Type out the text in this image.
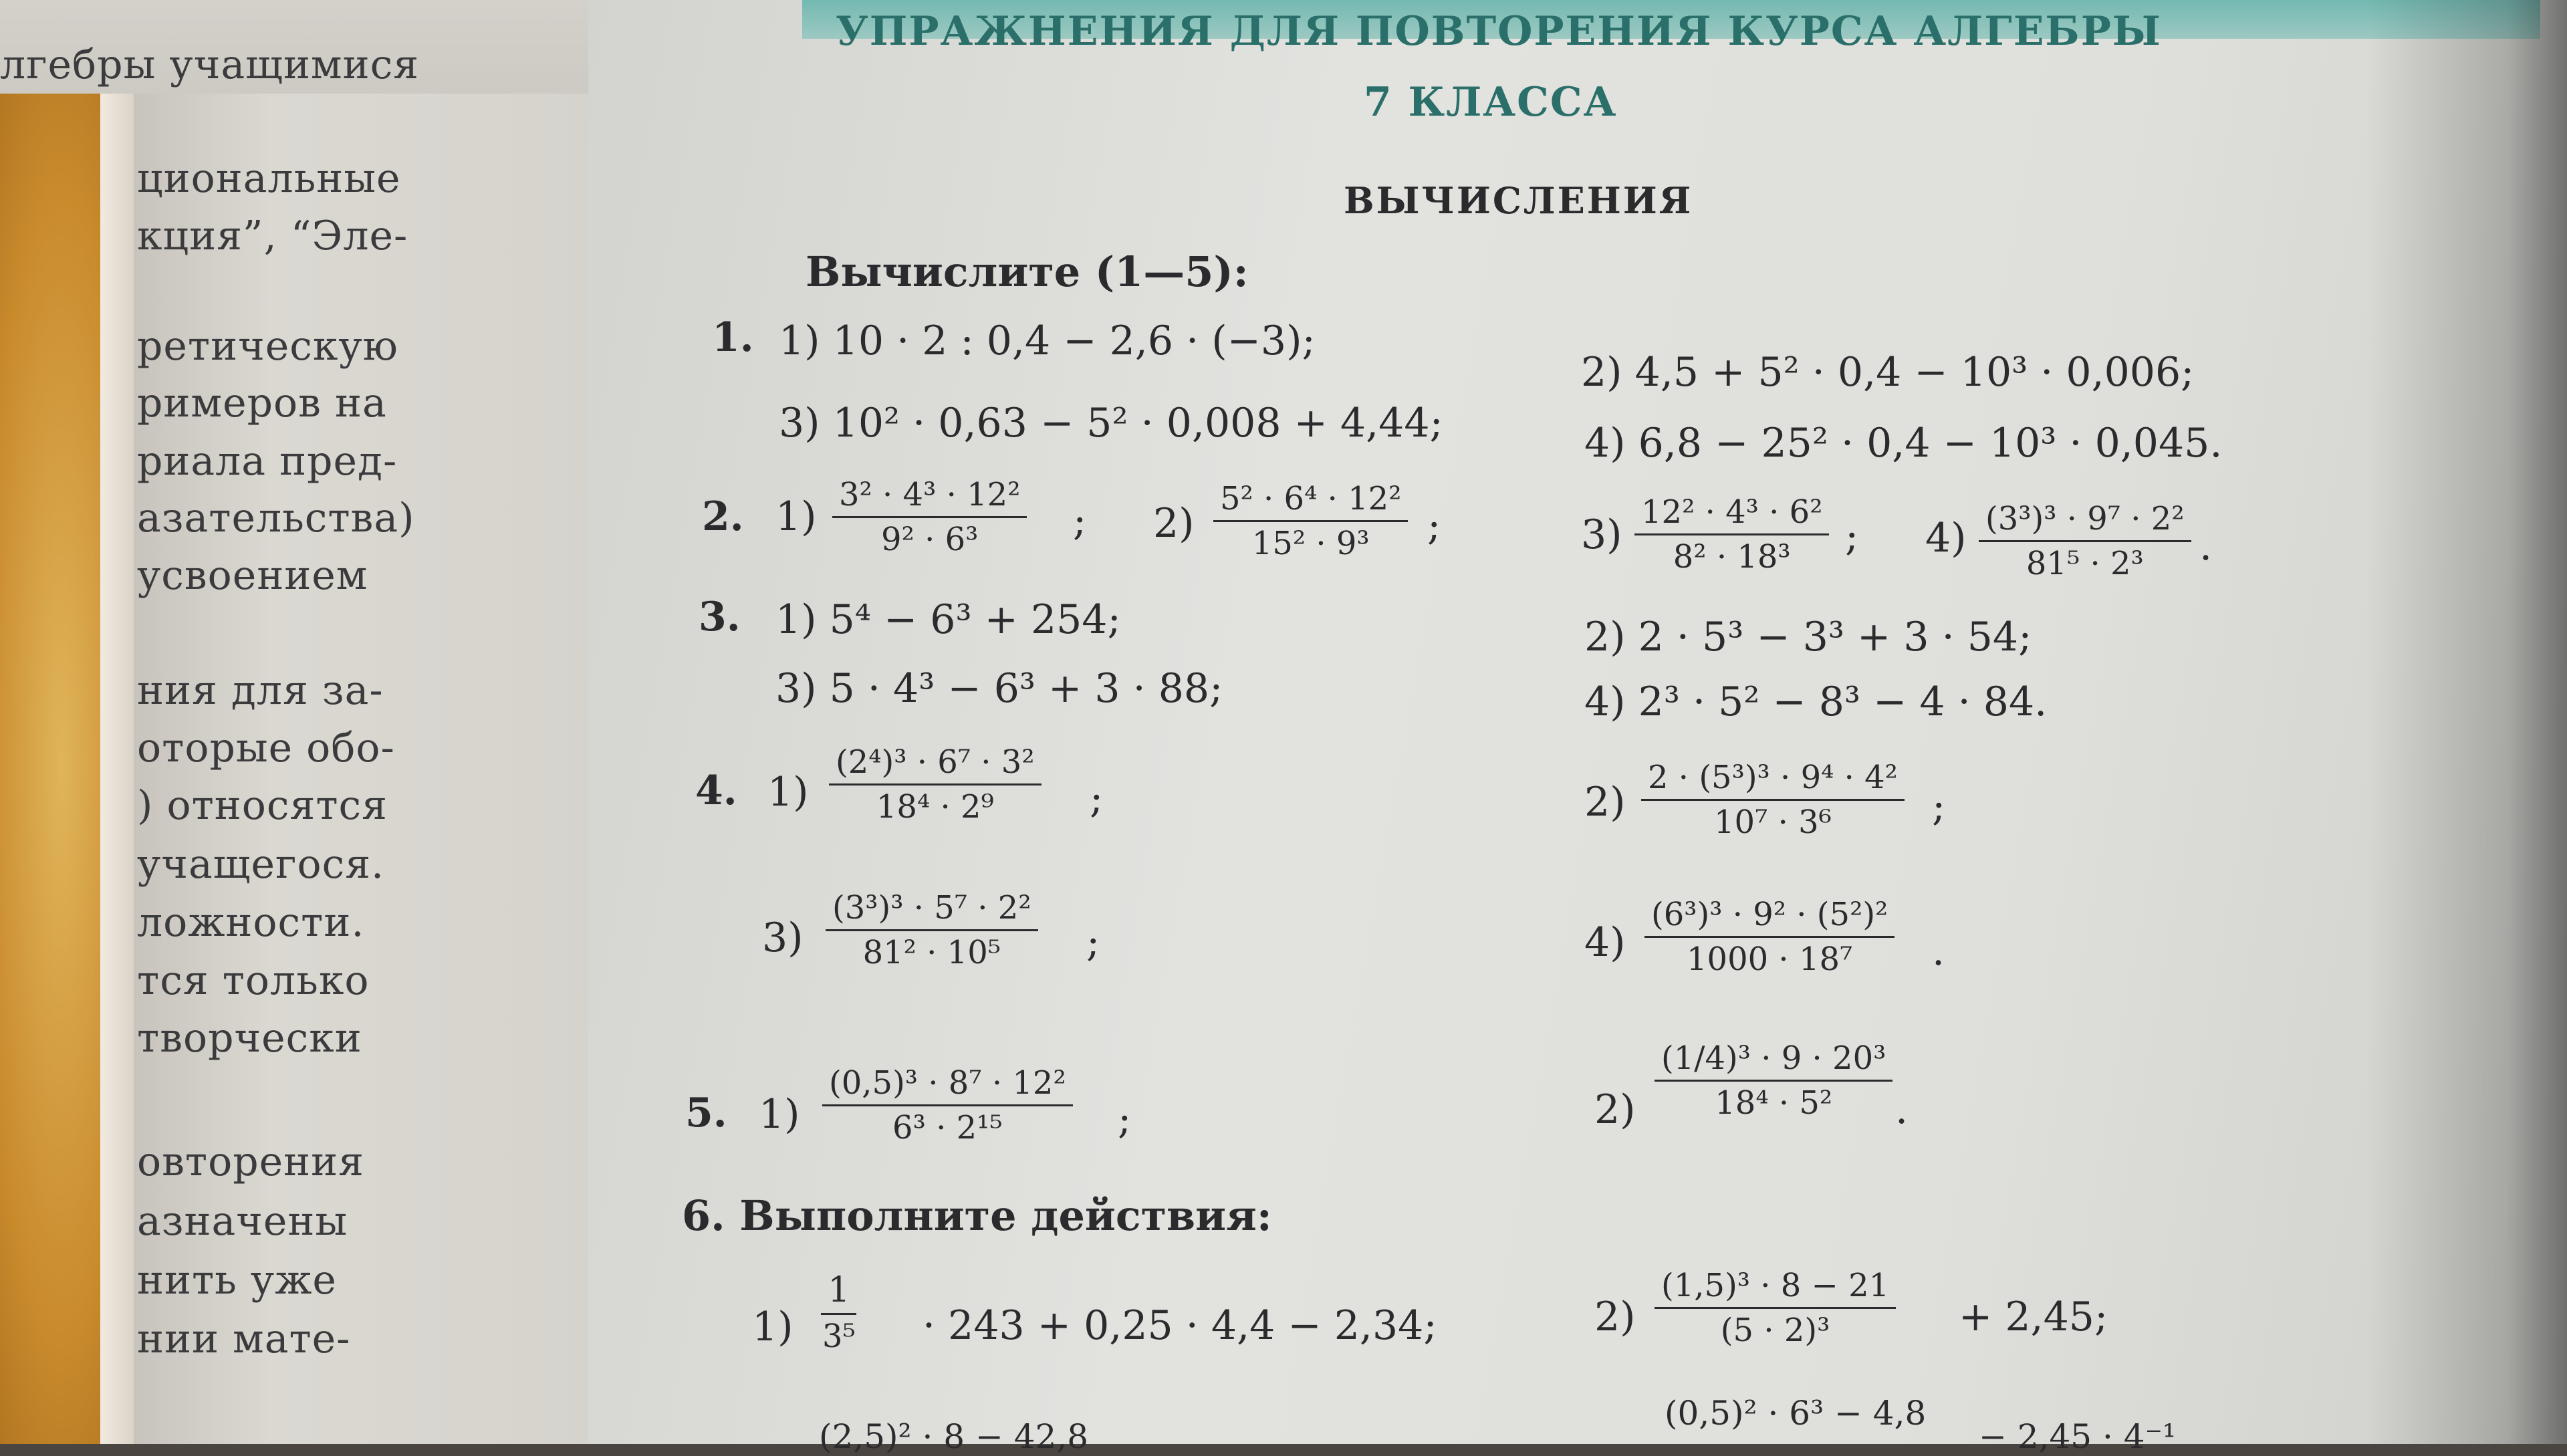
лгебры учащимися
циональные
кция”, “Эле-
ретическую
римеров на
риала пред-
азательства)
усвоением
ния для за-
оторые обо-
) относятся
учащегося.
ложности.
тся только
творчески
овторения
азначены
нить уже
нии мате-
УПРАЖНЕНИЯ ДЛЯ ПОВТОРЕНИЯ КУРСА АЛГЕБРЫ
7 КЛАССА
ВЫЧИСЛЕНИЯ
Вычислите (1—5):
1. 1) 10 · 2 : 0,4 − 2,6 · (−3);
2) 4,5 + 5² · 0,4 − 10³ · 0,006;
3) 10² · 0,63 − 5² · 0,008 + 4,44;	4) 6,8 − 25² · 0,4 − 10³ · 0,045.
2. $1) \frac{\text{3² · 4³ · 12²}}{\text{9² · 6³}}$ ; $2) \frac{\text{5² · 6⁴ · 12²}}{\text{15² · 9³}}$ ;	$3) \frac{\text{12² · 4³ · 6²}}{\text{8² · 18³}}$ ; $4) \frac{\text{(3³)³ · 9⁷ · 2²}}{\text{81⁵ · 2³}}$ .
3. 1) 5⁴ − 6³ + 254;	2) 2 · 5³ − 3³ + 3 · 54;
3) 5 · 4³ − 6³ + 3 · 88;	4) 2³ · 5² − 8³ − 4 · 84.
4. $1) \frac{\text{(2⁴)³ · 6⁷ · 3²}}{\text{18⁴ · 2⁹}}$ ;	$2) \frac{\text{2 · (5³)³ · 9⁴ · 4²}}{\text{10⁷ · 3⁶}}$ ;
$3) \frac{\text{(3³)³ · 5⁷ · 2²}}{\text{81² · 10⁵}}$ ;	$4) \frac{\text{(6³)³ · 9² · (5²)²}}{\text{1000 · 18⁷}}$ .
5. $1) \frac{\text{(0,5)³ · 8⁷ · 12²}}{\text{6³ · 2¹⁵}}$ ;	$2) \frac{\text{(1/4)³ · 9 · 20³}}{\text{18⁴ · 5²}}$ .
6. Выполните действия:
$1) \frac{1}{\text{3⁵}} \cdot 243 + 0,25 \cdot 4,4 - 2,34$;	$2) \frac{\text{(1,5)³ · 8 − 21}}{\text{(5 · 2)³}} + 2,45$;
(2,5)² · 8 − 42,8
(0,5)² · 6³ − 4,8
− 2,45 · 4⁻¹
